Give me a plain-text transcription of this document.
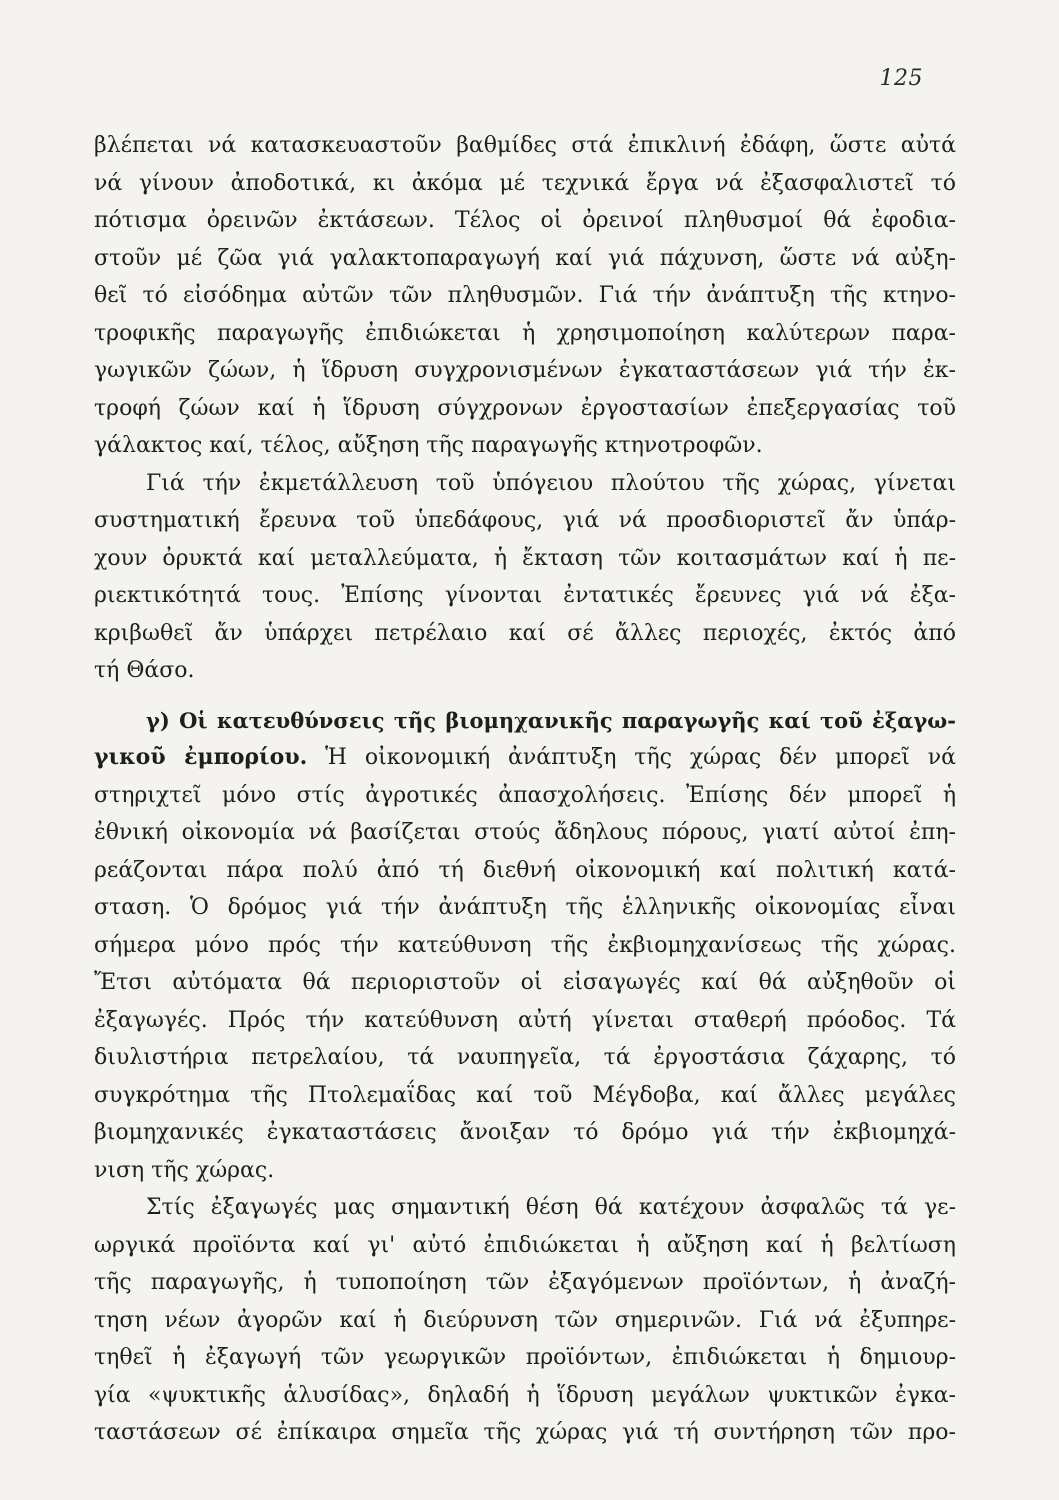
125
βλέπεται νά κατασκευαστοῦν βαθμίδες στά ἐπικλινή ἐδάφη, ὥστε αὐτά
νά γίνουν ἀποδοτικά, κι ἀκόμα μέ τεχνικά ἔργα νά ἐξασφαλιστεῖ τό
πότισμα ὀρεινῶν ἐκτάσεων. Τέλος οἱ ὀρεινοί πληθυσμοί θά ἐφοδια-
στοῦν μέ ζῶα γιά γαλακτοπαραγωγή καί γιά πάχυνση, ὥστε νά αὐξη-
θεῖ τό εἰσόδημα αὐτῶν τῶν πληθυσμῶν. Γιά τήν ἀνάπτυξη τῆς κτηνο-
τροφικῆς παραγωγῆς ἐπιδιώκεται ἡ χρησιμοποίηση καλύτερων παρα-
γωγικῶν ζώων, ἡ ἵδρυση συγχρονισμένων ἐγκαταστάσεων γιά τήν ἐκ-
τροφή ζώων καί ἡ ἵδρυση σύγχρονων ἐργοστασίων ἐπεξεργασίας τοῦ
γάλακτος καί, τέλος, αὔξηση τῆς παραγωγῆς κτηνοτροφῶν.
Γιά τήν ἐκμετάλλευση τοῦ ὑπόγειου πλούτου τῆς χώρας, γίνεται
συστηματική ἔρευνα τοῦ ὑπεδάφους, γιά νά προσδιοριστεῖ ἄν ὑπάρ-
χουν ὀρυκτά καί μεταλλεύματα, ἡ ἔκταση τῶν κοιτασμάτων καί ἡ πε-
ριεκτικότητά τους. Ἐπίσης γίνονται ἐντατικές ἔρευνες γιά νά ἐξα-
κριβωθεῖ ἄν ὑπάρχει πετρέλαιο καί σέ ἄλλες περιοχές, ἐκτός ἀπό
τή Θάσο.
γ) Οἱ κατευθύνσεις τῆς βιομηχανικῆς παραγωγῆς καί τοῦ ἐξαγω-
γικοῦ ἐμπορίου. Ἡ οἰκονομική ἀνάπτυξη τῆς χώρας δέν μπορεῖ νά
στηριχτεῖ μόνο στίς ἀγροτικές ἀπασχολήσεις. Ἐπίσης δέν μπορεῖ ἡ
ἐθνική οἰκονομία νά βασίζεται στούς ἄδηλους πόρους, γιατί αὐτοί ἐπη-
ρεάζονται πάρα πολύ ἀπό τή διεθνή οἰκονομική καί πολιτική κατά-
σταση. Ὁ δρόμος γιά τήν ἀνάπτυξη τῆς ἑλληνικῆς οἰκονομίας εἶναι
σήμερα μόνο πρός τήν κατεύθυνση τῆς ἐκβιομηχανίσεως τῆς χώρας.
Ἔτσι αὐτόματα θά περιοριστοῦν οἱ εἰσαγωγές καί θά αὐξηθοῦν οἱ
ἐξαγωγές. Πρός τήν κατεύθυνση αὐτή γίνεται σταθερή πρόοδος. Τά
διυλιστήρια πετρελαίου, τά ναυπηγεῖα, τά ἐργοστάσια ζάχαρης, τό
συγκρότημα τῆς Πτολεμαΐδας καί τοῦ Μέγδοβα, καί ἄλλες μεγάλες
βιομηχανικές ἐγκαταστάσεις ἄνοιξαν τό δρόμο γιά τήν ἐκβιομηχά-
νιση τῆς χώρας.
Στίς ἐξαγωγές μας σημαντική θέση θά κατέχουν ἀσφαλῶς τά γε-
ωργικά προϊόντα καί γι' αὐτό ἐπιδιώκεται ἡ αὔξηση καί ἡ βελτίωση
τῆς παραγωγῆς, ἡ τυποποίηση τῶν ἐξαγόμενων προϊόντων, ἡ ἀναζή-
τηση νέων ἀγορῶν καί ἡ διεύρυνση τῶν σημερινῶν. Γιά νά ἐξυπηρε-
τηθεῖ ἡ ἐξαγωγή τῶν γεωργικῶν προϊόντων, ἐπιδιώκεται ἡ δημιουρ-
γία «ψυκτικῆς ἁλυσίδας», δηλαδή ἡ ἵδρυση μεγάλων ψυκτικῶν ἐγκα-
ταστάσεων σέ ἐπίκαιρα σημεῖα τῆς χώρας γιά τή συντήρηση τῶν προ-
